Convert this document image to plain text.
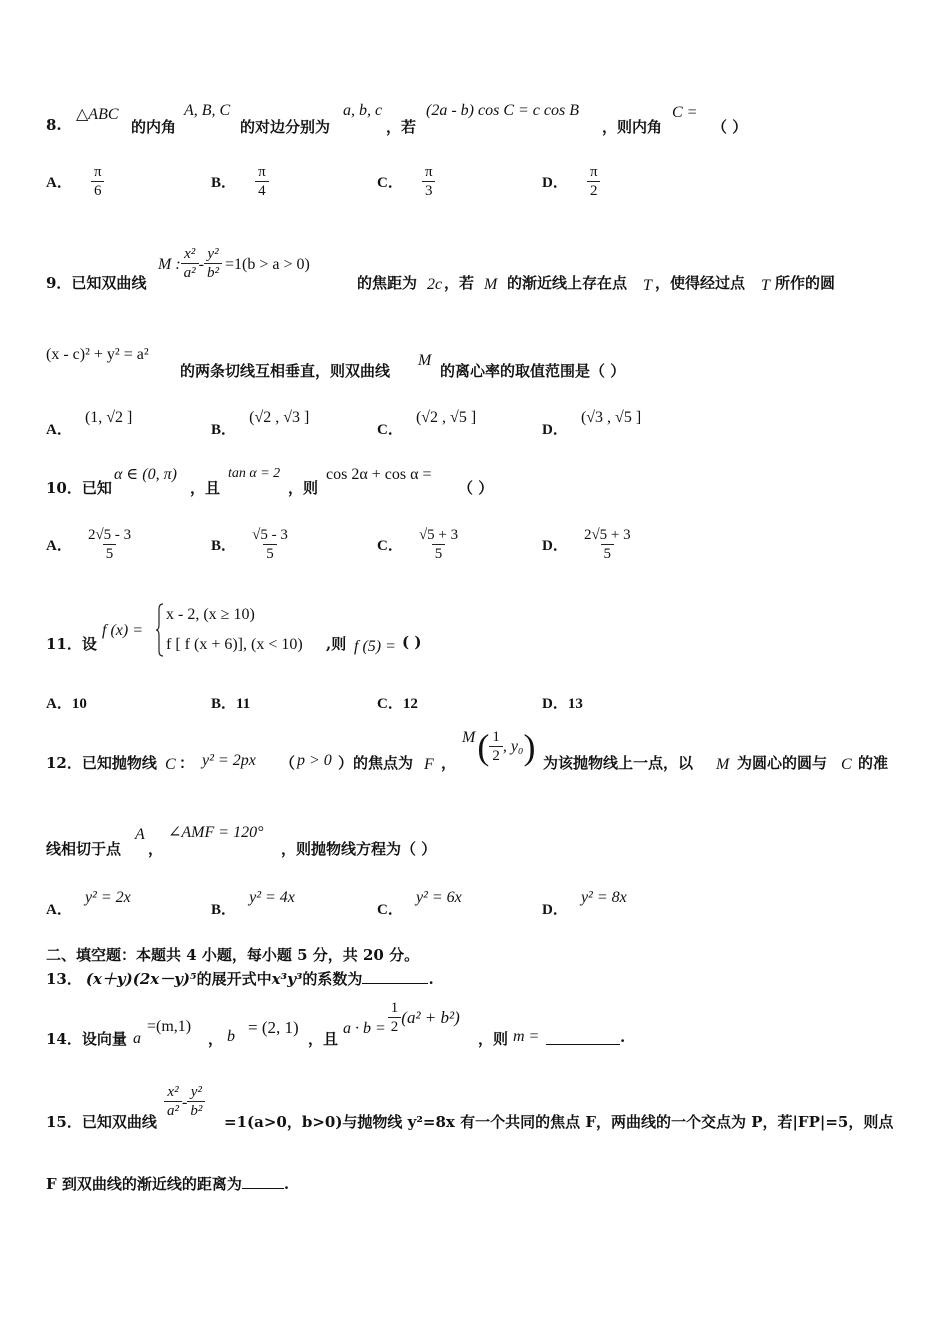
8.
△ABC
的内角
A, B, C
的对边分别为
a, b, c
，若
(2a - b) cos C = c cos B
，则内角
C =
（ ）
A． $\frac{\pi}{6}$	B． $\frac{\pi}{4}$	C． $\frac{\pi}{3}$	D． $\frac{\pi}{2}$
9．已知双曲线
M : $\frac{\text{x²}}{\text{a²}} - \frac{\text{y²}}{\text{b²}} =1(b > a > 0)$
的焦距为 2c ，若 M 的渐近线上存在点 T ，使得经过点 T 所作的圆
(x - c)² + y² = a²
的两条切线互相垂直，则双曲线
M
的离心率的取值范围是（ ）
A． (1, √2 ]
B． (√2 , √3 ]
C． (√2 , √5 ]
D． (√3 , √5 ]
10．已知
α ∈ (0, π)
，且
tan α = 2
，则
cos 2α + cos α =
（ ）
A． $\frac{2√5 - 3}{5}$	B． $\frac{√5 - 3}{5}$	C． $\frac{√5 + 3}{5}$	D． $\frac{2√5 + 3}{5}$
11．设
f (x) =
x - 2, (x ≥ 10)
f [ f (x + 6)], (x < 10) ,则 f (5) = ( )
A．10	B．11	C．12	D．13
12．已知抛物线 C ： y² = 2px （ p > 0 ）的焦点为 F ，
M ( $\frac{1}{2}$ , y₀ ) 为该抛物线上一点，以 M 为圆心的圆与 C 的准
线相切于点
A
，
∠AMF = 120°
，则抛物线方程为（ ）
A． y² = 2x
B． y² = 4x
C． y² = 6x
D． y² = 8x
二、填空题：本题共 4 小题，每小题 5 分，共 20 分。
13． (x＋y)(2x－y)⁵的展开式中x³y³的系数为	.
14．设向量 a
=(m,1)
， b = (2, 1)
，且
$a \cdot b = \frac{1}{2} (a^2 + b^2)$
，则 m =	.
15．已知双曲线
$\frac{\text{x²}}{\text{a²}} - \frac{\text{y²}}{\text{b²}}$
=1(a>0，b>0)与抛物线 y²=8x 有一个共同的焦点 F，两曲线的一个交点为 P，若|FP|=5，则点
F 到双曲线的渐近线的距离为	.
